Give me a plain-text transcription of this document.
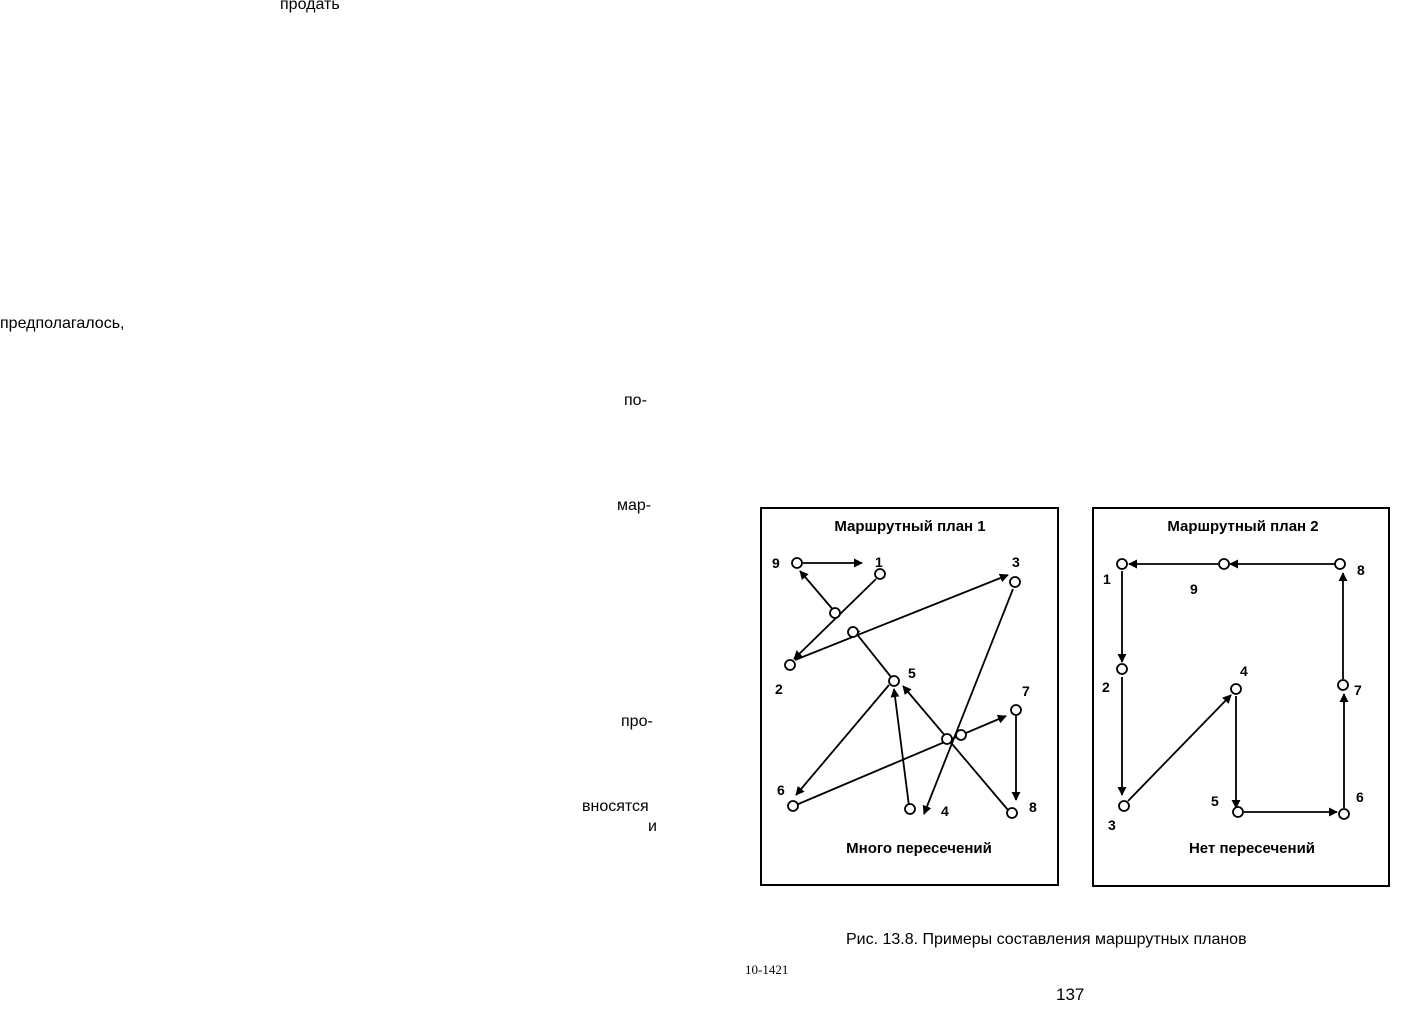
продать
предполагалось,
по-
мар-
про-
вносятся
и
Маршрутный план 1
Много пересечений
9	1	3
2
5
7
6
4	8
Маршрутный план 2
Нет пересечений
1
9
8
2
4
7
5	6
3
Рис. 13.8. Примеры составления маршрутных планов
10-1421
137
